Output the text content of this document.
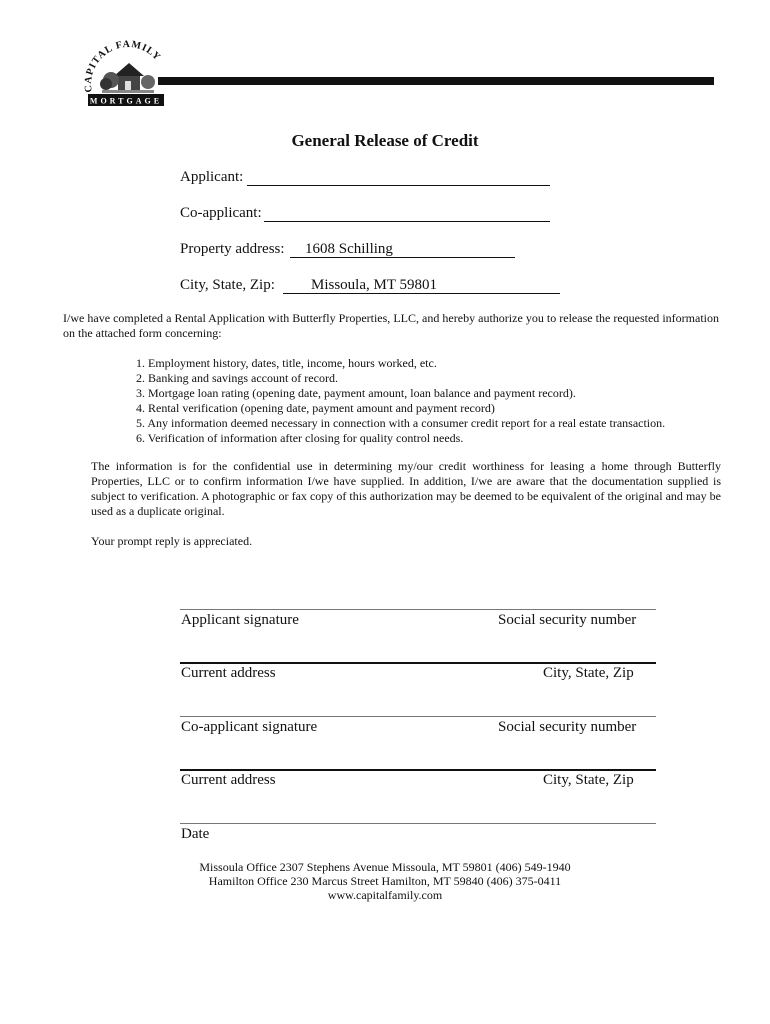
CAPITAL FAMILY
MORTGAGE
General Release of Credit
Applicant:
Co-applicant:
Property address: 1608 Schilling
City, State, Zip: Missoula, MT 59801
I/we have completed a Rental Application with Butterfly Properties, LLC, and hereby authorize you to release the requested information on the attached form concerning:
1. Employment history, dates, title, income, hours worked, etc.
2. Banking and savings account of record.
3. Mortgage loan rating (opening date, payment amount, loan balance and payment record).
4. Rental verification (opening date, payment amount and payment record)
5. Any information deemed necessary in connection with a consumer credit report for a real estate transaction.
6. Verification of information after closing for quality control needs.
The information is for the confidential use in determining my/our credit worthiness for leasing a home through Butterfly Properties, LLC or to confirm information I/we have supplied. In addition, I/we are aware that the documentation supplied is subject to verification. A photographic or fax copy of this authorization may be deemed to be equivalent of the original and may be used as a duplicate original.
Your prompt reply is appreciated.
Applicant signature	Social security number
Current address	City, State, Zip
Co-applicant signature	Social security number
Current address	City, State, Zip
Date
Missoula Office 2307 Stephens Avenue Missoula, MT 59801 (406) 549-1940
Hamilton Office 230 Marcus Street Hamilton, MT 59840 (406) 375-0411
www.capitalfamily.com
